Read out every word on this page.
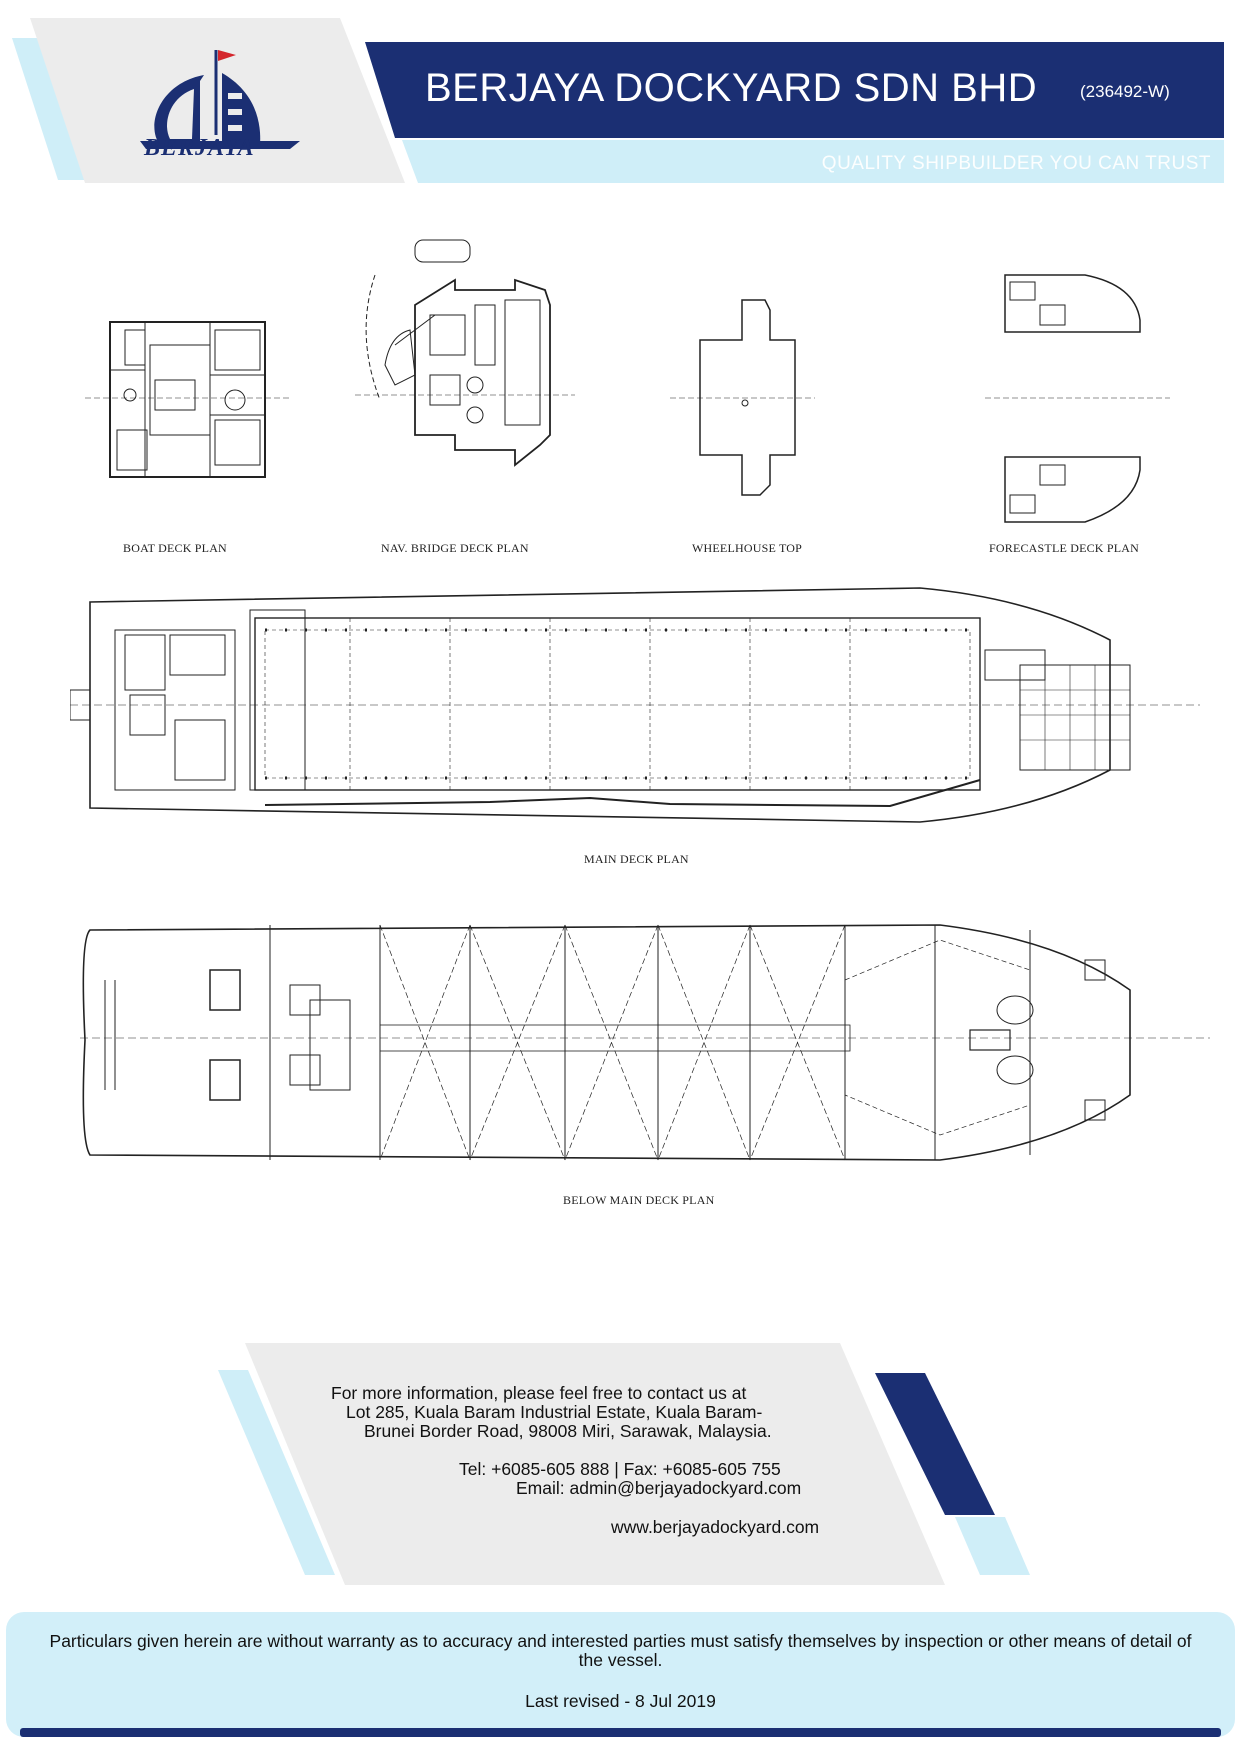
BERJAYA
BERJAYA DOCKYARD SDN BHD	(236492-W)
QUALITY SHIPBUILDER YOU CAN TRUST
BOAT DECK PLAN	NAV. BRIDGE DECK PLAN	WHEELHOUSE TOP	FORECASTLE DECK PLAN
MAIN DECK PLAN
BELOW MAIN DECK PLAN
For more information, please feel free to contact us at
Lot 285, Kuala Baram Industrial Estate, Kuala Baram-
Brunei Border Road, 98008 Miri, Sarawak, Malaysia.
Tel: +6085-605 888 | Fax: +6085-605 755
Email: admin@berjayadockyard.com
www.berjayadockyard.com
Particulars given herein are without warranty as to accuracy and interested parties must satisfy themselves by inspection or other means of detail of the vessel.
Last revised - 8 Jul 2019
